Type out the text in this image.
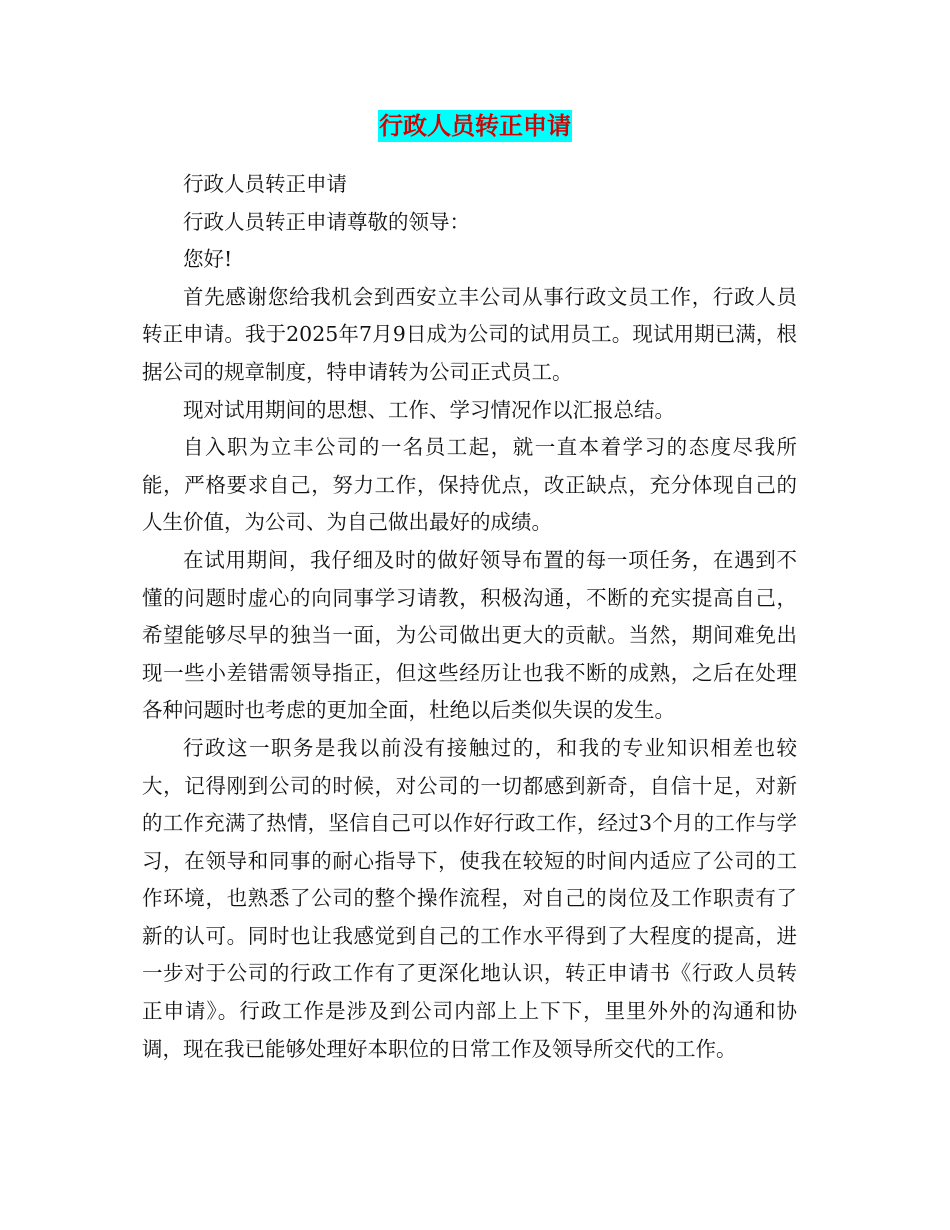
行政人员转正申请

行政人员转正申请

行政人员转正申请尊敬的领导：

您好!

首先感谢您给我机会到西安立丰公司从事行政文员工作，行政人员转正申请。我于2025年7月9日成为公司的试用员工。现试用期已满，根据公司的规章制度，特申请转为公司正式员工。

现对试用期间的思想、工作、学习情况作以汇报总结。

自入职为立丰公司的一名员工起，就一直本着学习的态度尽我所能，严格要求自己，努力工作，保持优点，改正缺点，充分体现自己的人生价值，为公司、为自己做出最好的成绩。

在试用期间，我仔细及时的做好领导布置的每一项任务，在遇到不懂的问题时虚心的向同事学习请教，积极沟通，不断的充实提高自己，希望能够尽早的独当一面，为公司做出更大的贡献。当然，期间难免出现一些小差错需领导指正，但这些经历让也我不断的成熟，之后在处理各种问题时也考虑的更加全面，杜绝以后类似失误的发生。

行政这一职务是我以前没有接触过的，和我的专业知识相差也较大，记得刚到公司的时候，对公司的一切都感到新奇，自信十足，对新的工作充满了热情，坚信自己可以作好行政工作，经过3个月的工作与学习，在领导和同事的耐心指导下，使我在较短的时间内适应了公司的工作环境，也熟悉了公司的整个操作流程，对自己的岗位及工作职责有了新的认可。同时也让我感觉到自己的工作水平得到了大程度的提高，进一步对于公司的行政工作有了更深化地认识，转正申请书《行政人员转正申请》。行政工作是涉及到公司内部上上下下，里里外外的沟通和协调，现在我已能够处理好本职位的日常工作及领导所交代的工作。
